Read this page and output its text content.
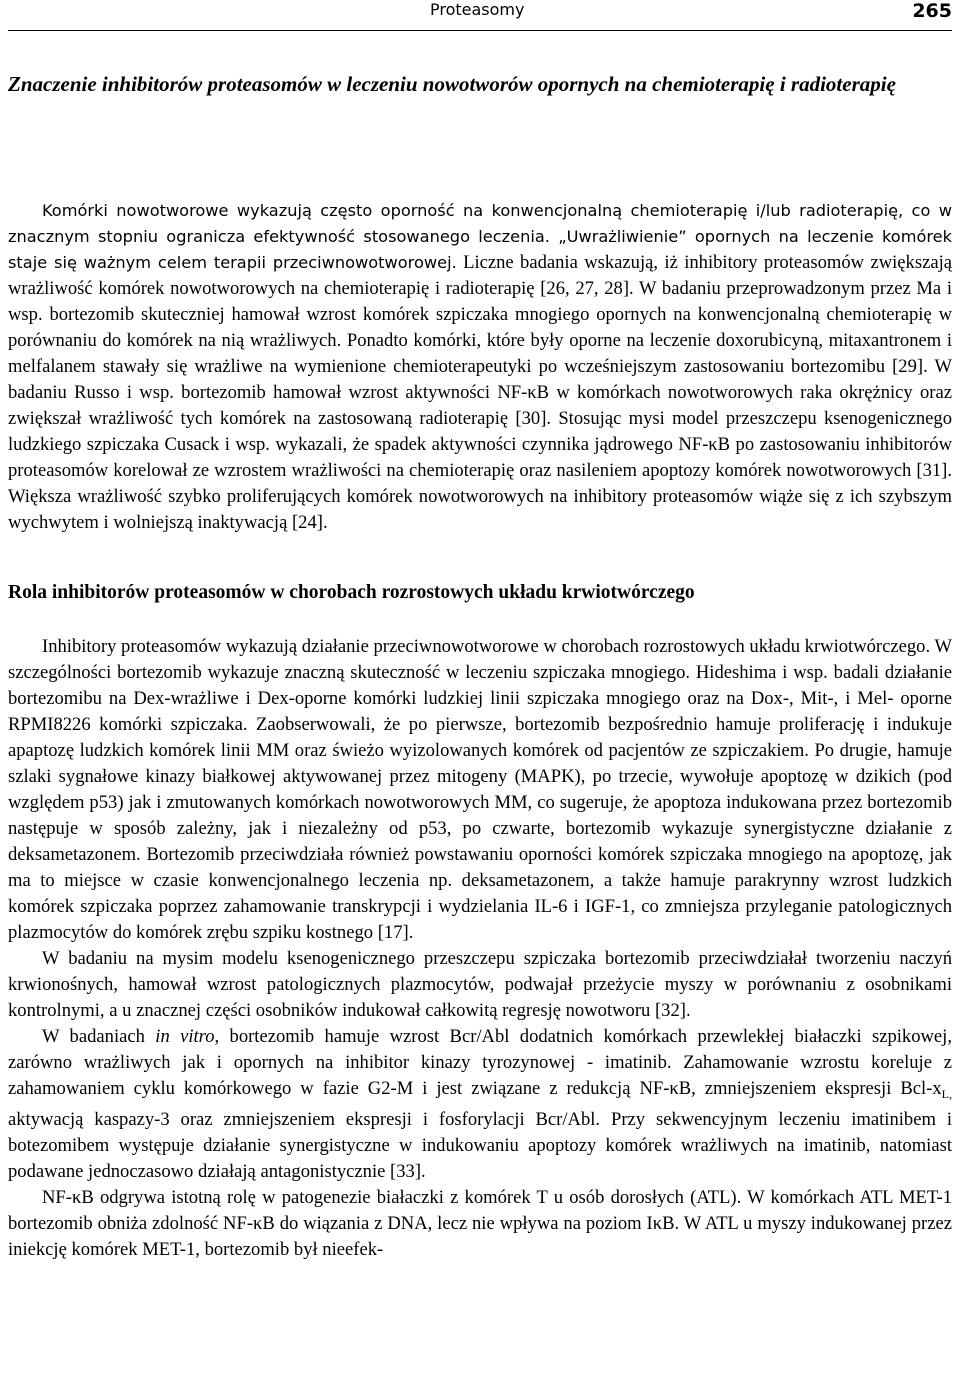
Proteasomy	265
Znaczenie inhibitorów proteasomów w leczeniu nowotworów opornych na chemioterapię i radioterapię
Komórki nowotworowe wykazują często oporność na konwencjonalną chemioterapię i/lub radioterapię, co w znacznym stopniu ogranicza efektywność stosowanego leczenia. „Uwrażliwienie” opornych na leczenie komórek staje się ważnym celem terapii przeciwnowotworowej. Liczne badania wskazują, iż inhibitory proteasomów zwiększają wrażliwość komórek nowotworowych na chemioterapię i radioterapię [26, 27, 28]. W badaniu przeprowadzonym przez Ma i wsp. bortezomib skuteczniej hamował wzrost komórek szpiczaka mnogiego opornych na konwencjonalną chemioterapię w porównaniu do komórek na nią wrażliwych. Ponadto komórki, które były oporne na leczenie doxorubicyną, mitaxantronem i melfalanem stawały się wrażliwe na wymienione chemioterapeutyki po wcześniejszym zastosowaniu bortezomibu [29]. W badaniu Russo i wsp. bortezomib hamował wzrost aktywności NF-κB w komórkach nowotworowych raka okrężnicy oraz zwiększał wrażliwość tych komórek na zastosowaną radioterapię [30]. Stosując mysi model przeszczepu ksenogenicznego ludzkiego szpiczaka Cusack i wsp. wykazali, że spadek aktywności czynnika jądrowego NF-κB po zastosowaniu inhibitorów proteasomów korelował ze wzrostem wrażliwości na chemioterapię oraz nasileniem apoptozy komórek nowotworowych [31]. Większa wrażliwość szybko proliferujących komórek nowotworowych na inhibitory proteasomów wiąże się z ich szybszym wychwytem i wolniejszą inaktywacją [24].
Rola inhibitorów proteasomów w chorobach rozrostowych układu krwiotwórczego

Inhibitory proteasomów wykazują działanie przeciwnowotworowe w chorobach rozrostowych układu krwiotwórczego. W szczególności bortezomib wykazuje znaczną skuteczność w leczeniu szpiczaka mnogiego. Hideshima i wsp. badali działanie bortezomibu na Dex-wrażliwe i Dex-oporne komórki ludzkiej linii szpiczaka mnogiego oraz na Dox-, Mit-, i Mel- oporne RPMI8226 komórki szpiczaka. Zaobserwowali, że po pierwsze, bortezomib bezpośrednio hamuje proliferację i indukuje apaptozę ludzkich komórek linii MM oraz świeżo wyizolowanych komórek od pacjentów ze szpiczakiem. Po drugie, hamuje szlaki sygnałowe kinazy białkowej aktywowanej przez mitogeny (MAPK), po trzecie, wywołuje apoptozę w dzikich (pod względem p53) jak i zmutowanych komórkach nowotworowych MM, co sugeruje, że apoptoza indukowana przez bortezomib następuje w sposób zależny, jak i niezależny od p53, po czwarte, bortezomib wykazuje synergistyczne działanie z deksametazonem. Bortezomib przeciwdziała również powstawaniu oporności komórek szpiczaka mnogiego na apoptozę, jak ma to miejsce w czasie konwencjonalnego leczenia np. deksametazonem, a także hamuje parakrynny wzrost ludzkich komórek szpiczaka poprzez zahamowanie transkrypcji i wydzielania IL-6 i IGF-1, co zmniejsza przyleganie patologicznych plazmocytów do komórek zrębu szpiku kostnego [17].

W badaniu na mysim modelu ksenogenicznego przeszczepu szpiczaka bortezomib przeciwdziałał tworzeniu naczyń krwionośnych, hamował wzrost patologicznych plazmocytów, podwajał przeżycie myszy w porównaniu z osobnikami kontrolnymi, a u znacznej części osobników indukował całkowitą regresję nowotworu [32].

W badaniach in vitro, bortezomib hamuje wzrost Bcr/Abl dodatnich komórkach przewlekłej białaczki szpikowej, zarówno wrażliwych jak i opornych na inhibitor kinazy tyrozynowej - imatinib. Zahamowanie wzrostu koreluje z zahamowaniem cyklu komórkowego w fazie G2-M i jest związane z redukcją NF-κB, zmniejszeniem ekspresji Bcl-$x_{L,}$ aktywacją kaspazy-3 oraz zmniejszeniem ekspresji i fosforylacji Bcr/Abl. Przy sekwencyjnym leczeniu imatinibem i botezomibem występuje działanie synergistyczne w indukowaniu apoptozy komórek wrażliwych na imatinib, natomiast podawane jednoczasowo działają antagonistycznie [33].

NF-κB odgrywa istotną rolę w patogenezie białaczki z komórek T u osób dorosłych (ATL). W komórkach ATL MET-1 bortezomib obniża zdolność NF-κB do wiązania z DNA, lecz nie wpływa na poziom IκB. W ATL u myszy indukowanej przez iniekcję komórek MET-1, bortezomib był nieefek-
